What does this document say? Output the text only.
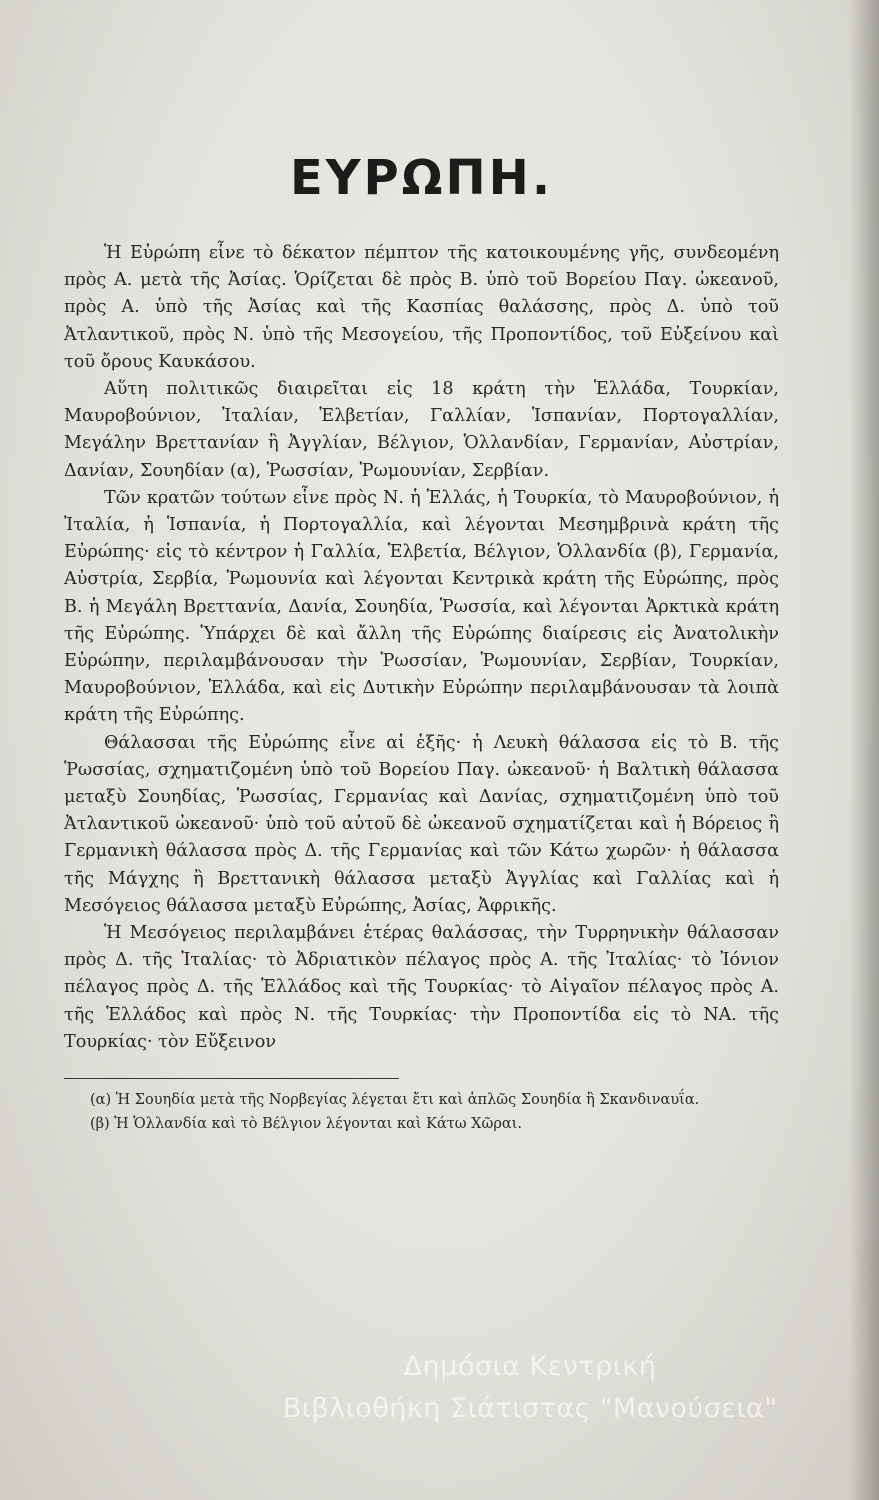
ΕΥΡΩΠΗ.

Ἡ Εὐρώπη εἶνε τὸ δέκατον πέμπτον τῆς κατοικουμένης γῆς, συνδεομένη πρὸς Α. μετὰ τῆς Ἀσίας. Ὁρίζεται δὲ πρὸς Β. ὑπὸ τοῦ Βορείου Παγ. ὠκεανοῦ, πρὸς Α. ὑπὸ τῆς Ἀσίας καὶ τῆς Κασπίας θαλάσσης, πρὸς Δ. ὑπὸ τοῦ Ἀτλαντικοῦ, πρὸς Ν. ὑπὸ τῆς Μεσογείου, τῆς Προποντίδος, τοῦ Εὐξείνου καὶ τοῦ ὄρους Καυκάσου.

Αὕτη πολιτικῶς διαιρεῖται εἰς 18 κράτη τὴν Ἑλλάδα, Τουρκίαν, Μαυροβούνιον, Ἰταλίαν, Ἑλβετίαν, Γαλλίαν, Ἱσπανίαν, Πορτογαλλίαν, Μεγάλην Βρεττανίαν ἢ Ἀγγλίαν, Βέλγιον, Ὁλλανδίαν, Γερμανίαν, Αὐστρίαν, Δανίαν, Σουηδίαν (α), Ῥωσσίαν, Ῥωμουνίαν, Σερβίαν.

Τῶν κρατῶν τούτων εἶνε πρὸς Ν. ἡ Ἑλλάς, ἡ Τουρκία, τὸ Μαυροβούνιον, ἡ Ἰταλία, ἡ Ἱσπανία, ἡ Πορτογαλλία, καὶ λέγονται Μεσημβρινὰ κράτη τῆς Εὐρώπης· εἰς τὸ κέντρον ἡ Γαλλία, Ἑλβετία, Βέλγιον, Ὁλλανδία (β), Γερμανία, Αὐστρία, Σερβία, Ῥωμουνία καὶ λέγονται Κεντρικὰ κράτη τῆς Εὐρώπης, πρὸς Β. ἡ Μεγάλη Βρεττανία, Δανία, Σουηδία, Ῥωσσία, καὶ λέγονται Ἀρκτικὰ κράτη τῆς Εὐρώπης. Ὑπάρχει δὲ καὶ ἄλλη τῆς Εὐρώπης διαίρεσις εἰς Ἀνατολικὴν Εὐρώπην, περιλαμβάνουσαν τὴν Ῥωσσίαν, Ῥωμουνίαν, Σερβίαν, Τουρκίαν, Μαυροβούνιον, Ἑλλάδα, καὶ εἰς Δυτικὴν Εὐρώπην περιλαμβάνουσαν τὰ λοιπὰ κράτη τῆς Εὐρώπης.

Θάλασσαι τῆς Εὐρώπης εἶνε αἱ ἑξῆς· ἡ Λευκὴ θάλασσα εἰς τὸ Β. τῆς Ῥωσσίας, σχηματιζομένη ὑπὸ τοῦ Βορείου Παγ. ὠκεανοῦ· ἡ Βαλτικὴ θάλασσα μεταξὺ Σουηδίας, Ῥωσσίας, Γερμανίας καὶ Δανίας, σχηματιζομένη ὑπὸ τοῦ Ἀτλαντικοῦ ὠκεανοῦ· ὑπὸ τοῦ αὐτοῦ δὲ ὠκεανοῦ σχηματίζεται καὶ ἡ Βόρειος ἢ Γερμανικὴ θάλασσα πρὸς Δ. τῆς Γερμανίας καὶ τῶν Κάτω χωρῶν· ἡ θάλασσα τῆς Μάγχης ἢ Βρεττανικὴ θάλασσα μεταξὺ Ἀγγλίας καὶ Γαλλίας καὶ ἡ Μεσόγειος θάλασσα μεταξὺ Εὐρώπης, Ἀσίας, Ἀφρικῆς.

Ἡ Μεσόγειος περιλαμβάνει ἑτέρας θαλάσσας, τὴν Τυρρηνικὴν θάλασσαν πρὸς Δ. τῆς Ἰταλίας· τὸ Ἀδριατικὸν πέλαγος πρὸς Α. τῆς Ἰταλίας· τὸ Ἰόνιον πέλαγος πρὸς Δ. τῆς Ἑλλάδος καὶ τῆς Τουρκίας· τὸ Αἰγαῖον πέλαγος πρὸς Α. τῆς Ἑλλάδος καὶ πρὸς Ν. τῆς Τουρκίας· τὴν Προποντίδα εἰς τὸ ΝΑ. τῆς Τουρκίας· τὸν Εὔξεινον

(α) Ἡ Σουηδία μετὰ τῆς Νορβεγίας λέγεται ἔτι καὶ ἁπλῶς Σουηδία ἢ Σκανδιναυΐα.

(β) Ἡ Ὁλλανδία καὶ τὸ Βέλγιον λέγονται καὶ Κάτω Χῶραι.

Δημόσια Κεντρική
Βιβλιοθήκη Σιάτιστας "Μανούσεια"
